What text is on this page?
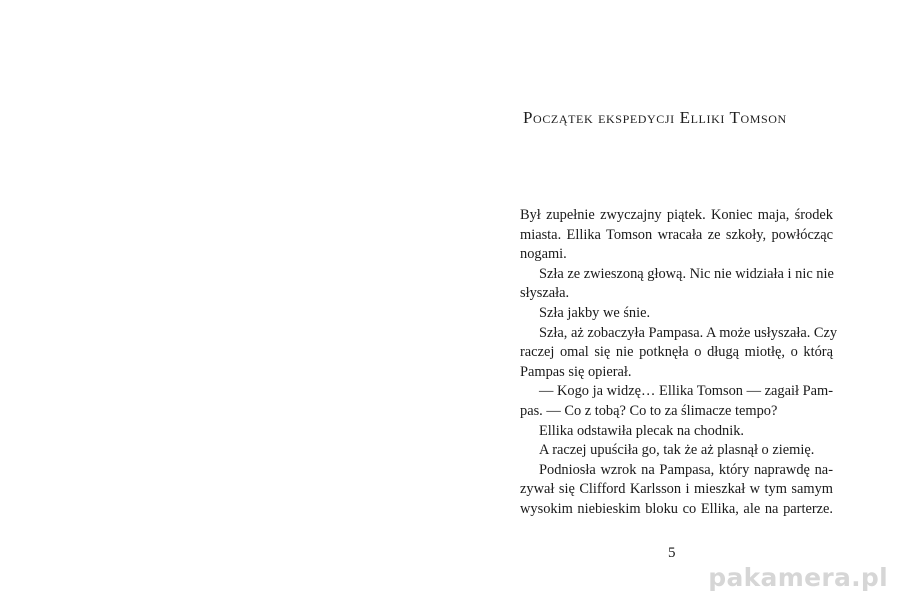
Początek ekspedycji Elliki Tomson
Był zupełnie zwyczajny piątek. Koniec maja, środek
miasta. Ellika Tomson wracała ze szkoły, powłócząc
nogami.
Szła ze zwieszoną głową. Nic nie widziała i nic nie
słyszała.
Szła jakby we śnie.
Szła, aż zobaczyła Pampasa. A może usłyszała. Czy
raczej omal się nie potknęła o długą miotłę, o którą
Pampas się opierał.
— Kogo ja widzę… Ellika Tomson — zagaił Pam-
pas. — Co z tobą? Co to za ślimacze tempo?
Ellika odstawiła plecak na chodnik.
A raczej upuściła go, tak że aż plasnął o ziemię.
Podniosła wzrok na Pampasa, który naprawdę na-
zywał się Clifford Karlsson i mieszkał w tym samym
wysokim niebieskim bloku co Ellika, ale na parterze.
5
pakamera.pl
